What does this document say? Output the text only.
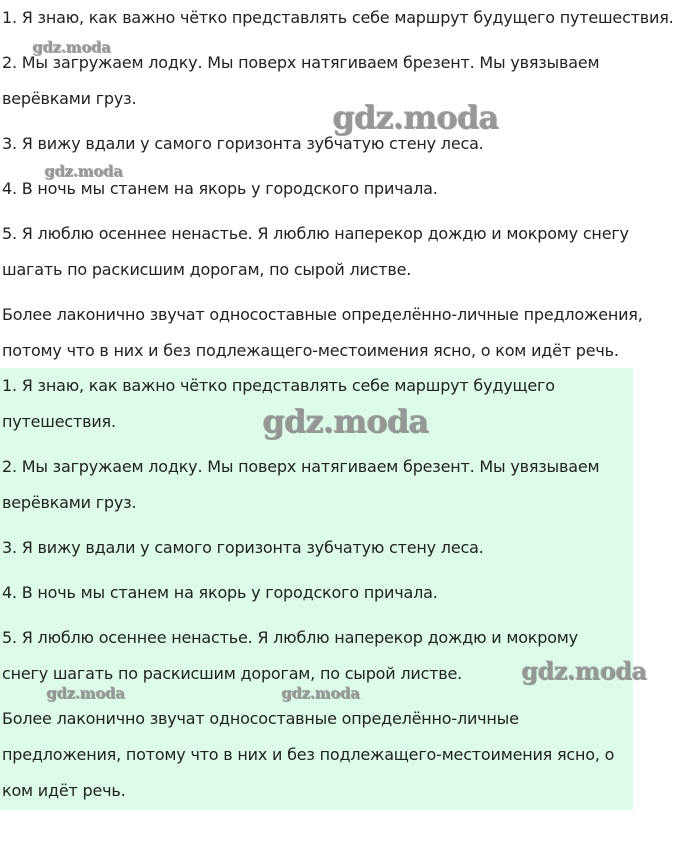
1. Я знаю, как важно чётко представлять себе маршрут будущего путешествия.

2. Мы загружаем лодку. Мы поверх натягиваем брезент. Мы увязываем
верёвками груз.

3. Я вижу вдали у самого горизонта зубчатую стену леса.

4. В ночь мы станем на якорь у городского причала.

5. Я люблю осеннее ненастье. Я люблю наперекор дождю и мокрому снегу
шагать по раскисшим дорогам, по сырой листве.

Более лаконично звучат односоставные определённо-личные предложения,
потому что в них и без подлежащего-местоимения ясно, о ком идёт речь.

1. Я знаю, как важно чётко представлять себе маршрут будущего
путешествия.

2. Мы загружаем лодку. Мы поверх натягиваем брезент. Мы увязываем
верёвками груз.

3. Я вижу вдали у самого горизонта зубчатую стену леса.

4. В ночь мы станем на якорь у городского причала.

5. Я люблю осеннее ненастье. Я люблю наперекор дождю и мокрому
снегу шагать по раскисшим дорогам, по сырой листве.

Более лаконично звучат односоставные определённо-личные
предложения, потому что в них и без подлежащего-местоимения ясно, о
ком идёт речь.

gdz.moda
gdz.moda
gdz.moda
gdz.moda
gdz.moda
gdz.moda	gdz.moda
